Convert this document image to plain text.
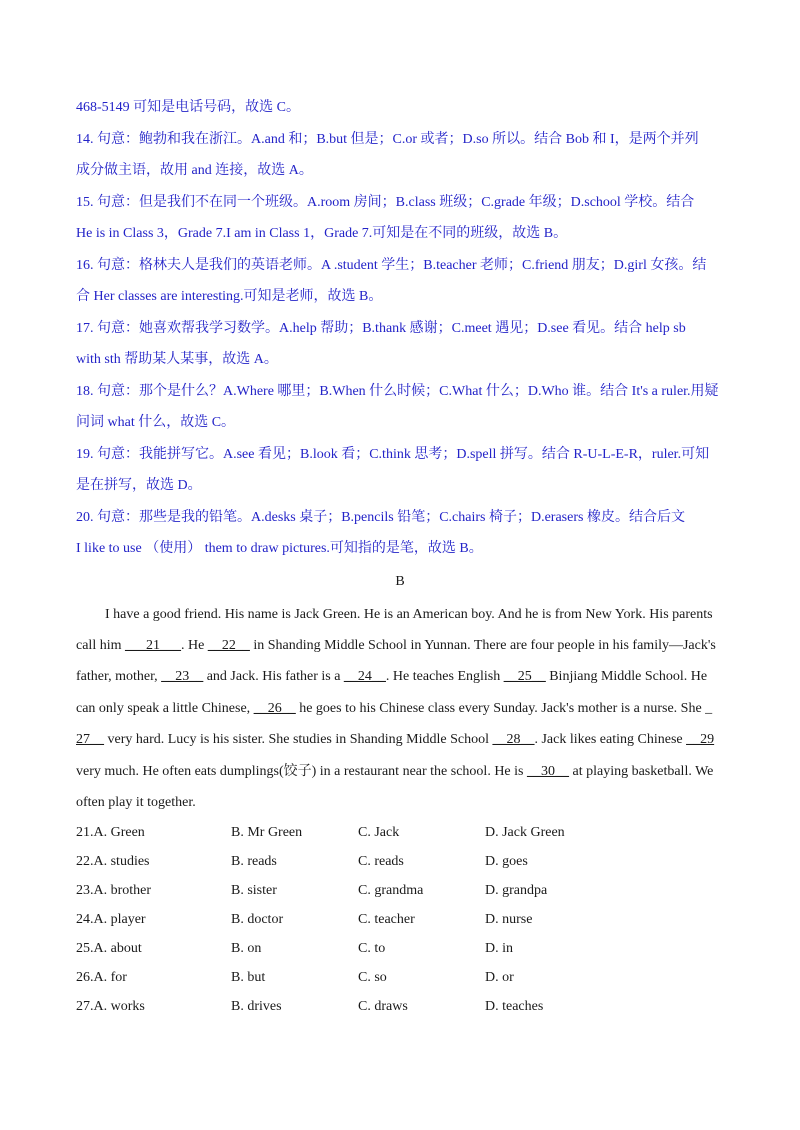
468-5149 可知是电话号码，故选 C。
14. 句意：鲍勃和我在浙江。A.and 和；B.but 但是；C.or 或者；D.so 所以。结合 Bob 和 I，是两个并列
成分做主语，故用 and 连接，故选 A。
15. 句意：但是我们不在同一个班级。A.room 房间；B.class 班级；C.grade 年级；D.school 学校。结合
He is in Class 3，Grade 7.I am in Class 1，Grade 7.可知是在不同的班级，故选 B。
16. 句意：格林夫人是我们的英语老师。A .student 学生；B.teacher 老师；C.friend 朋友；D.girl 女孩。结
合 Her classes are interesting.可知是老师，故选 B。
17. 句意：她喜欢帮我学习数学。A.help 帮助；B.thank 感谢；C.meet 遇见；D.see 看见。结合 help sb
with sth 帮助某人某事，故选 A。
18. 句意：那个是什么？A.Where 哪里；B.When 什么时候；C.What 什么；D.Who 谁。结合 It's a ruler.用疑
问词 what 什么，故选 C。
19. 句意：我能拼写它。A.see 看见；B.look 看；C.think 思考；D.spell 拼写。结合 R-U-L-E-R，ruler.可知
是在拼写，故选 D。
20. 句意：那些是我的铅笔。A.desks 桌子；B.pencils 铅笔；C.chairs 椅子；D.erasers 橡皮。结合后文
I like to use （使用） them to draw pictures.可知指的是笔，故选 B。
B
I have a good friend. His name is Jack Green. He is an American boy. And he is from New York. His parents
call him ___21___. He __22__ in Shanding Middle School in Yunnan. There are four people in his family—Jack's
father, mother, __23__ and Jack. His father is a __24__. He teaches English __25__ Binjiang Middle School. He
can only speak a little Chinese, __26__ he goes to his Chinese class every Sunday. Jack's mother is a nurse. She _
27__ very hard. Lucy is his sister. She studies in Shanding Middle School __28__. Jack likes eating Chinese __29
very much. He often eats dumplings(饺子) in a restaurant near the school. He is __30__ at playing basketball. We
often play it together.
21.A. Green	B. Mr Green	C. Jack	D. Jack Green
22.A. studies	B. reads	C. reads	D. goes
23.A. brother	B. sister	C. grandma	D. grandpa
24.A. player	B. doctor	C. teacher	D. nurse
25.A. about	B. on	C. to	D. in
26.A. for	B. but	C. so	D. or
27.A. works	B. drives	C. draws	D. teaches
